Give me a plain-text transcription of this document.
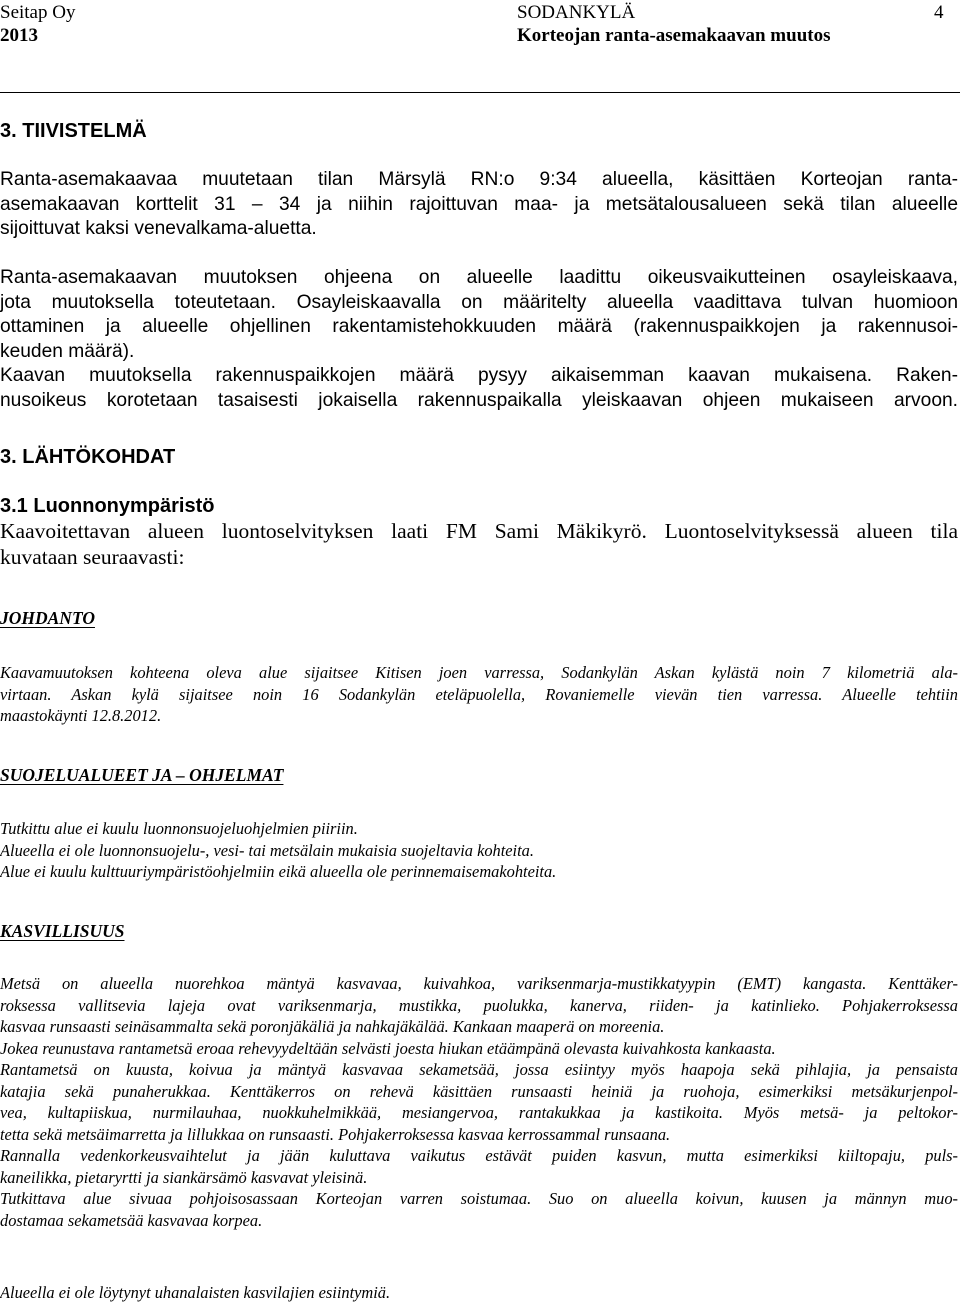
Seitap Oy
2013
SODANKYLÄ
Korteojan ranta-asemakaavan muutos
4
3. TIIVISTELMÄ
Ranta-asemakaavaa muutetaan tilan Märsylä RN:o 9:34 alueella, käsittäen Korteojan ranta-
asemakaavan korttelit 31 – 34 ja niihin rajoittuvan maa- ja metsätalousalueen sekä tilan alueelle
sijoittuvat kaksi venevalkama-aluetta.
Ranta-asemakaavan muutoksen ohjeena on alueelle laadittu oikeusvaikutteinen osayleiskaava,
jota muutoksella toteutetaan. Osayleiskaavalla on määritelty alueella vaadittava tulvan huomioon
ottaminen ja alueelle ohjellinen rakentamistehokkuuden määrä (rakennuspaikkojen ja rakennusoi-
keuden määrä).
Kaavan muutoksella rakennuspaikkojen määrä pysyy aikaisemman kaavan mukaisena. Raken-
nusoikeus korotetaan tasaisesti jokaisella rakennuspaikalla yleiskaavan ohjeen mukaiseen arvoon.
3. LÄHTÖKOHDAT
3.1 Luonnonympäristö
Kaavoitettavan alueen luontoselvityksen laati FM Sami Mäkikyrö. Luontoselvityksessä alueen tila
kuvataan seuraavasti:
JOHDANTO
Kaavamuutoksen kohteena oleva alue sijaitsee Kitisen joen varressa, Sodankylän Askan kylästä noin 7 kilometriä ala-
virtaan. Askan kylä sijaitsee noin 16 Sodankylän eteläpuolella, Rovaniemelle vievän tien varressa. Alueelle tehtiin
maastokäynti 12.8.2012.
SUOJELUALUEET JA – OHJELMAT
Tutkittu alue ei kuulu luonnonsuojeluohjelmien piiriin.
Alueella ei ole luonnonsuojelu-, vesi- tai metsälain mukaisia suojeltavia kohteita.
Alue ei kuulu kulttuuriympäristöohjelmiin eikä alueella ole perinnemaisemakohteita.
KASVILLISUUS
Metsä on alueella nuorehkoa mäntyä kasvavaa, kuivahkoa, variksenmarja-mustikkatyypin (EMT) kangasta. Kenttäker-
roksessa vallitsevia lajeja ovat variksenmarja, mustikka, puolukka, kanerva, riiden- ja katinlieko. Pohjakerroksessa
kasvaa runsaasti seinäsammalta sekä poronjäkäliä ja nahkajäkälää. Kankaan maaperä on moreenia.
Jokea reunustava rantametsä eroaa rehevyydeltään selvästi joesta hiukan etäämpänä olevasta kuivahkosta kankaasta.
Rantametsä on kuusta, koivua ja mäntyä kasvavaa sekametsää, jossa esiintyy myös haapoja sekä pihlajia, ja pensaista
katajia sekä punaherukkaa. Kenttäkerros on rehevä käsittäen runsaasti heiniä ja ruohoja, esimerkiksi metsäkurjenpol-
vea, kultapiiskua, nurmilauhaa, nuokkuhelmikkää, mesiangervoa, rantakukkaa ja kastikoita. Myös metsä- ja peltokor-
tetta sekä metsäimarretta ja lillukkaa on runsaasti. Pohjakerroksessa kasvaa kerrossammal runsaana.
Rannalla vedenkorkeusvaihtelut ja jään kuluttava vaikutus estävät puiden kasvun, mutta esimerkiksi kiiltopaju, puls-
kaneilikka, pietaryrtti ja siankärsämö kasvavat yleisinä.
Tutkittava alue sivuaa pohjoisosassaan Korteojan varren soistumaa. Suo on alueella koivun, kuusen ja männyn muo-
dostamaa sekametsää kasvavaa korpea.
Alueella ei ole löytynyt uhanalaisten kasvilajien esiintymiä.
